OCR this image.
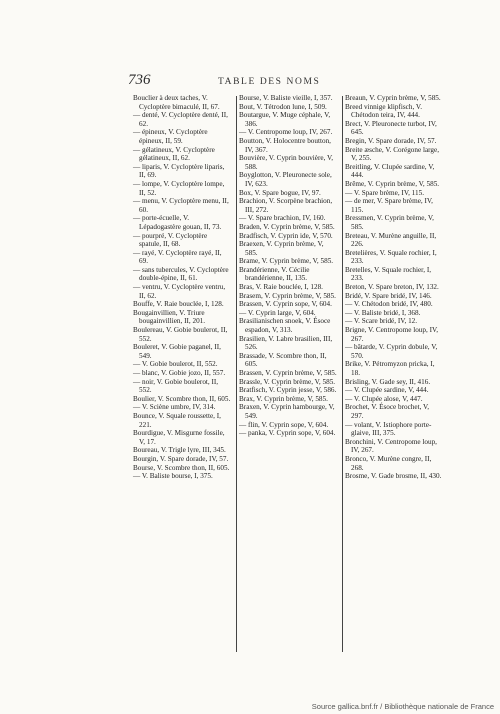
736	TABLE DES NOMS

Bouclier à deux taches, V. Cycloptère bimaculé, II, 67.

— denté, V. Cycloptère denté, II, 62.

— épineux, V. Cycloptère épineux, II, 59.

— gélatineux, V. Cycloptère gélatineux, II, 62.

— liparis, V. Cycloptère liparis, II, 69.

— lompe, V. Cycloptère lompe, II, 52.

— menu, V. Cycloptère menu, II, 60.

— porte-écuelle, V. Lépadogastère gouan, II, 73.

— pourpré, V. Cycloptère spatule, II, 68.

— rayé, V. Cycloptère rayé, II, 69.

— sans tubercules, V. Cycloptère double-épine, II, 61.

— ventru, V. Cycloptère ventru, II, 62.

Bouffe, V. Raie bouclée, I, 128.

Bougainvillien, V. Triure bougainvillien, II, 201.

Boulereau, V. Gobie boulerot, II, 552.

Bouleret, V. Gobie paganel, II, 549.

— V. Gobie boulerot, II, 552.

— blanc, V. Gobie jozo, II, 557.

— noir, V. Gobie boulerot, II, 552.

Boulier, V. Scombre thon, II, 605.

— V. Sciène umbre, IV, 314.

Bounce, V. Squale roussette, I, 221.

Bourdigue, V. Misgurne fossile, V, 17.

Boureau, V. Trigle lyre, III, 345.

Bourgin, V. Spare dorade, IV, 57.

Bourse, V. Scombre thon, II, 605.

— V. Baliste bourse, I, 375.

Bourse, V. Baliste vieille, I, 357.

Bout, V. Tétrodon lune, I, 509.

Boutargue, V. Muge céphale, V, 386.

— V. Centropome loup, IV, 267.

Boutton, V. Holocentre boutton, IV, 367.

Bouvière, V. Cyprin bouvière, V, 588.

Boyglotton, V. Pleuronecte sole, IV, 623.

Box, V. Spare bogue, IV, 97.

Brachion, V. Scorpène brachion, III, 272.

— V. Spare brachion, IV, 160.

Braden, V. Cyprin brème, V, 585.

Bradfisch, V. Cyprin ide, V, 570.

Braexen, V. Cyprin brème, V, 585.

Brame, V. Cyprin brème, V, 585.

Brandérienne, V. Cécilie brandérienne, II, 135.

Bras, V. Raie bouclée, I, 128.

Brasem, V. Cyprin brème, V, 585.

Brassen, V. Cyprin sope, V, 604.

— V. Cyprin large, V, 604.

Brasilianischen snoek, V. Ésoce espadon, V, 313.

Brasilien, V. Labre brasilien, III, 526.

Brassade, V. Scombre thon, II, 605.

Brassen, V. Cyprin brème, V, 585.

Brassle, V. Cyprin brème, V, 585.

Bratfisch, V. Cyprin jesse, V, 586.

Brax, V. Cyprin brème, V, 585.

Braxen, V. Cyprin hambourge, V, 549.

— flin, V. Cyprin sope, V, 604.

— panka, V. Cyprin sope, V, 604.

Breaun, V. Cyprin brème, V, 585.

Breed vinnige klipfisch, V. Chétodon teira, IV, 444.

Brect, V. Pleuronecte turbot, IV, 645.

Bregin, V. Spare dorade, IV, 57.

Breite æsche, V. Corégone large, V, 255.

Breitling, V. Clupée sardine, V, 444.

Brême, V. Cyprin brème, V, 585.

— V. Spare brème, IV, 115.

— de mer, V. Spare brème, IV, 115.

Bressmen, V. Cyprin brème, V, 585.

Breteau, V. Murène anguille, II, 226.

Bretelières, V. Squale rochier, I, 233.

Bretelles, V. Squale rochier, I, 233.

Breton, V. Spare breton, IV, 132.

Bridé, V. Spare bridé, IV, 146.

— V. Chétodon bridé, IV, 480.

— V. Baliste bridé, I, 368.

— V. Scare bridé, IV, 12.

Brigne, V. Centropome loup, IV, 267.

— bâtarde, V. Cyprin dobule, V, 570.

Brike, V. Pétromyzon pricka, I, 18.

Brisling, V. Gade sey, II, 416.

— V. Clupée sardine, V, 444.

— V. Clupée alose, V, 447.

Brochet, V. Ésoce brochet, V, 297.

— volant, V. Istiophore porte-glaive, III, 375.

Bronchini, V. Centropome loup, IV, 267.

Bronco, V. Murène congre, II, 268.

Brosme, V. Gade brosme, II, 430.

Source gallica.bnf.fr / Bibliothèque nationale de France
